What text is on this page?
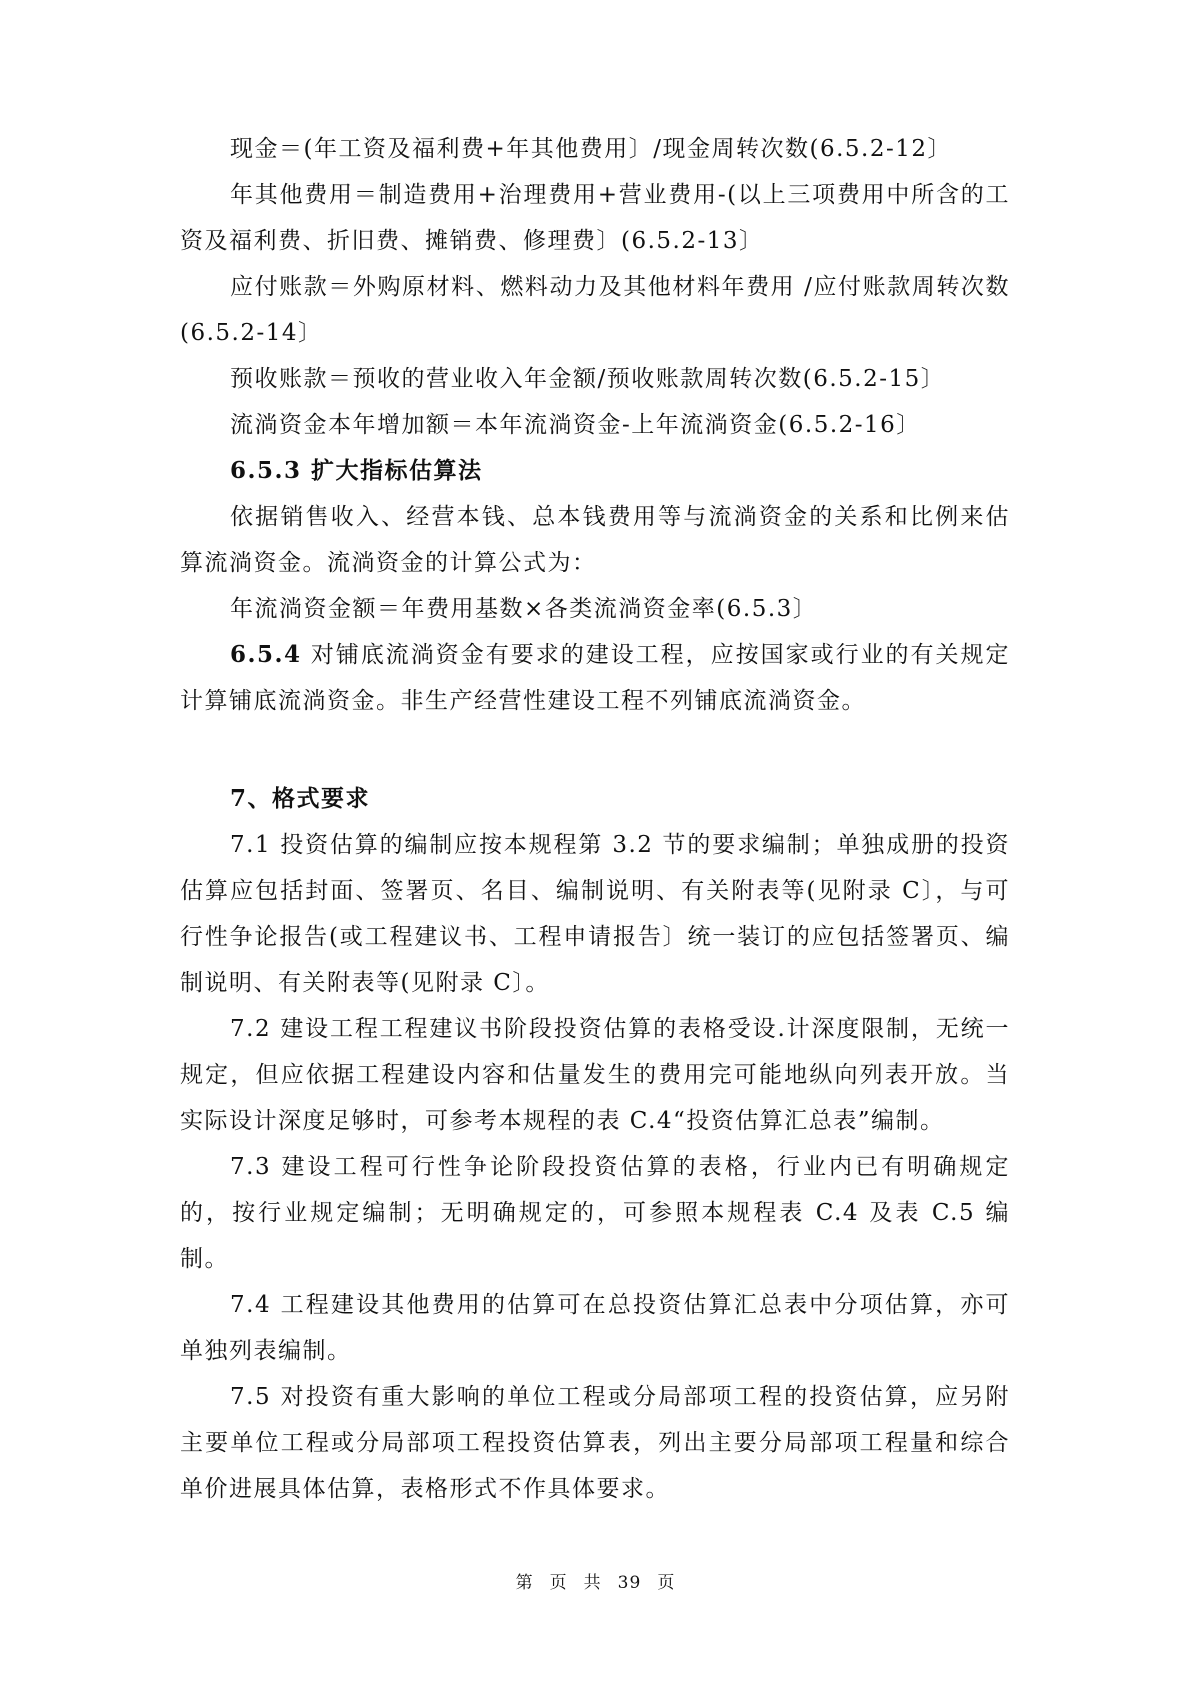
现金＝(年工资及福利费+年其他费用〕/现金周转次数(6.5.2-12〕

年其他费用＝制造费用+治理费用+营业费用-(以上三项费用中所含的工资及福利费、折旧费、摊销费、修理费〕(6.5.2-13〕

应付账款＝外购原材料、燃料动力及其他材料年费用 /应付账款周转次数(6.5.2-14〕

预收账款＝预收的营业收入年金额/预收账款周转次数(6.5.2-15〕

流淌资金本年增加额＝本年流淌资金-上年流淌资金(6.5.2-16〕

6.5.3 扩大指标估算法

依据销售收入、经营本钱、总本钱费用等与流淌资金的关系和比例来估算流淌资金。流淌资金的计算公式为：

年流淌资金额＝年费用基数×各类流淌资金率(6.5.3〕

6.5.4 对铺底流淌资金有要求的建设工程，应按国家或行业的有关规定计算铺底流淌资金。非生产经营性建设工程不列铺底流淌资金。

7、格式要求

7.1 投资估算的编制应按本规程第 3.2 节的要求编制；单独成册的投资估算应包括封面、签署页、名目、编制说明、有关附表等(见附录 C〕，与可行性争论报告(或工程建议书、工程申请报告〕统一装订的应包括签署页、编制说明、有关附表等(见附录 C〕。

7.2 建设工程工程建议书阶段投资估算的表格受设.计深度限制，无统一规定，但应依据工程建设内容和估量发生的费用完可能地纵向列表开放。当实际设计深度足够时，可参考本规程的表 C.4“投资估算汇总表”编制。

7.3 建设工程可行性争论阶段投资估算的表格，行业内已有明确规定的，按行业规定编制；无明确规定的，可参照本规程表 C.4 及表 C.5 编制。

7.4 工程建设其他费用的估算可在总投资估算汇总表中分项估算，亦可单独列表编制。

7.5 对投资有重大影响的单位工程或分局部项工程的投资估算，应另附主要单位工程或分局部项工程投资估算表，列出主要分局部项工程量和综合单价进展具体估算，表格形式不作具体要求。

第 页 共 39 页
